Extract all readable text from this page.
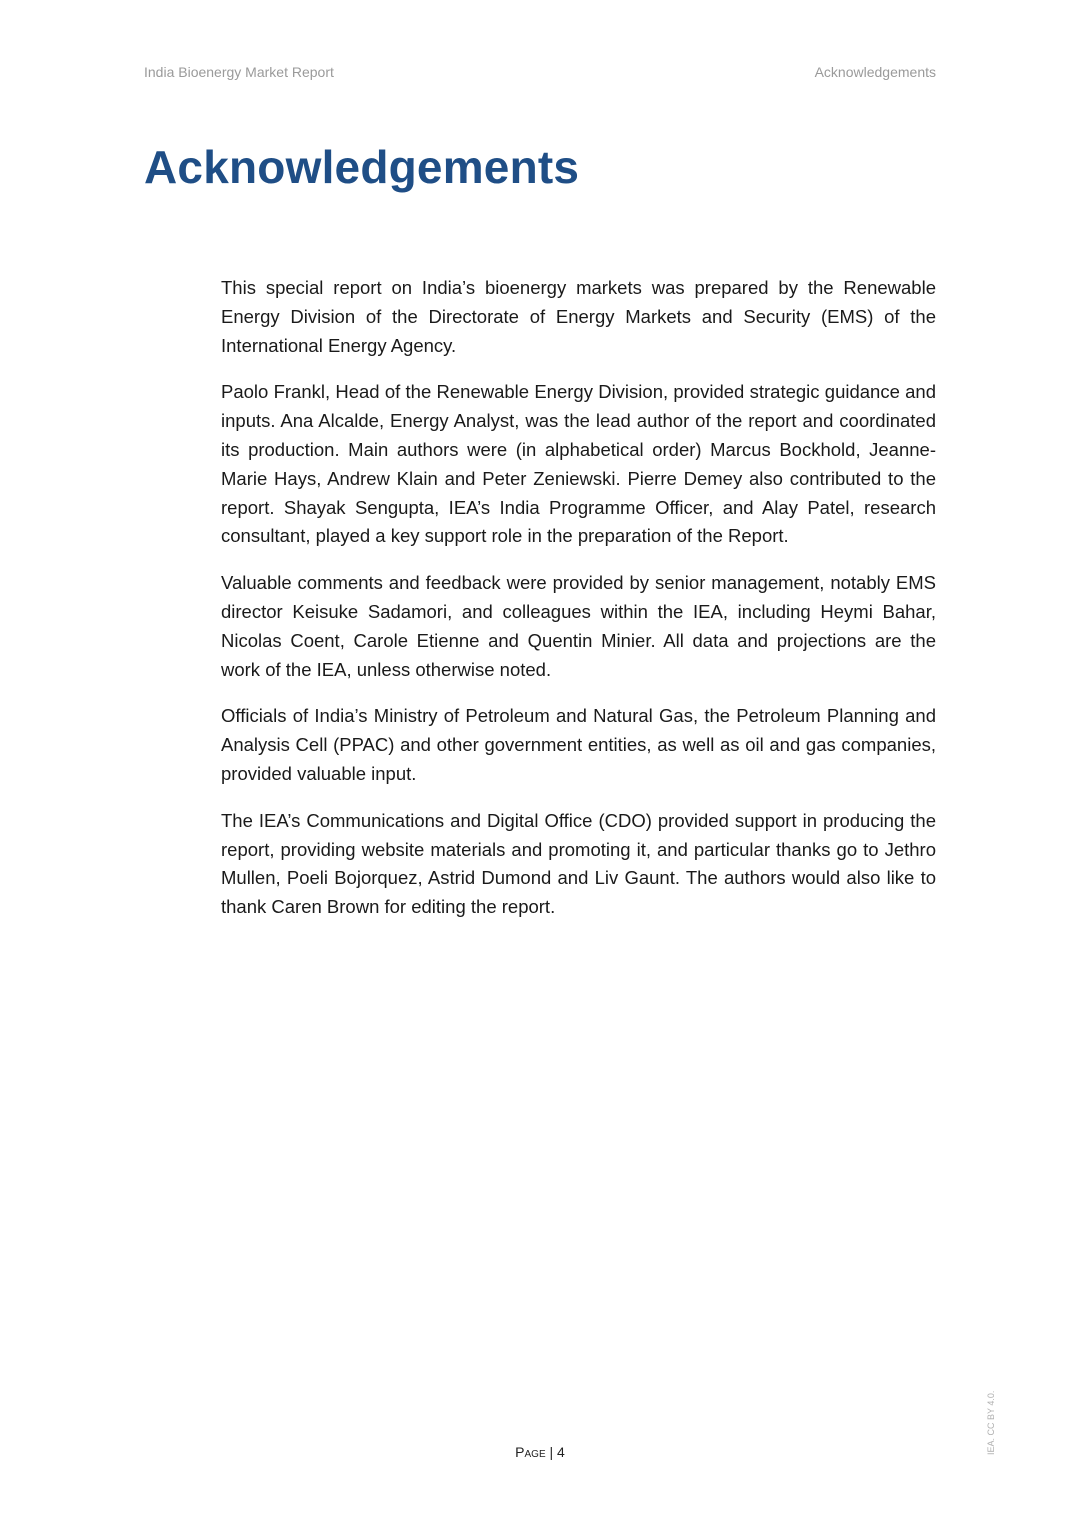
India Bioenergy Market Report	Acknowledgements
Acknowledgements

This special report on India’s bioenergy markets was prepared by the Renewable Energy Division of the Directorate of Energy Markets and Security (EMS) of the International Energy Agency.

Paolo Frankl, Head of the Renewable Energy Division, provided strategic guidance and inputs. Ana Alcalde, Energy Analyst, was the lead author of the report and coordinated its production. Main authors were (in alphabetical order) Marcus Bockhold, Jeanne-Marie Hays, Andrew Klain and Peter Zeniewski. Pierre Demey also contributed to the report. Shayak Sengupta, IEA’s India Programme Officer, and Alay Patel, research consultant, played a key support role in the preparation of the Report.

Valuable comments and feedback were provided by senior management, notably EMS director Keisuke Sadamori, and colleagues within the IEA, including Heymi Bahar, Nicolas Coent, Carole Etienne and Quentin Minier. All data and projections are the work of the IEA, unless otherwise noted.

Officials of India’s Ministry of Petroleum and Natural Gas, the Petroleum Planning and Analysis Cell (PPAC) and other government entities, as well as oil and gas companies, provided valuable input.

The IEA’s Communications and Digital Office (CDO) provided support in producing the report, providing website materials and promoting it, and particular thanks go to Jethro Mullen, Poeli Bojorquez, Astrid Dumond and Liv Gaunt. The authors would also like to thank Caren Brown for editing the report.

Page | 4	IEA. CC BY 4.0.
